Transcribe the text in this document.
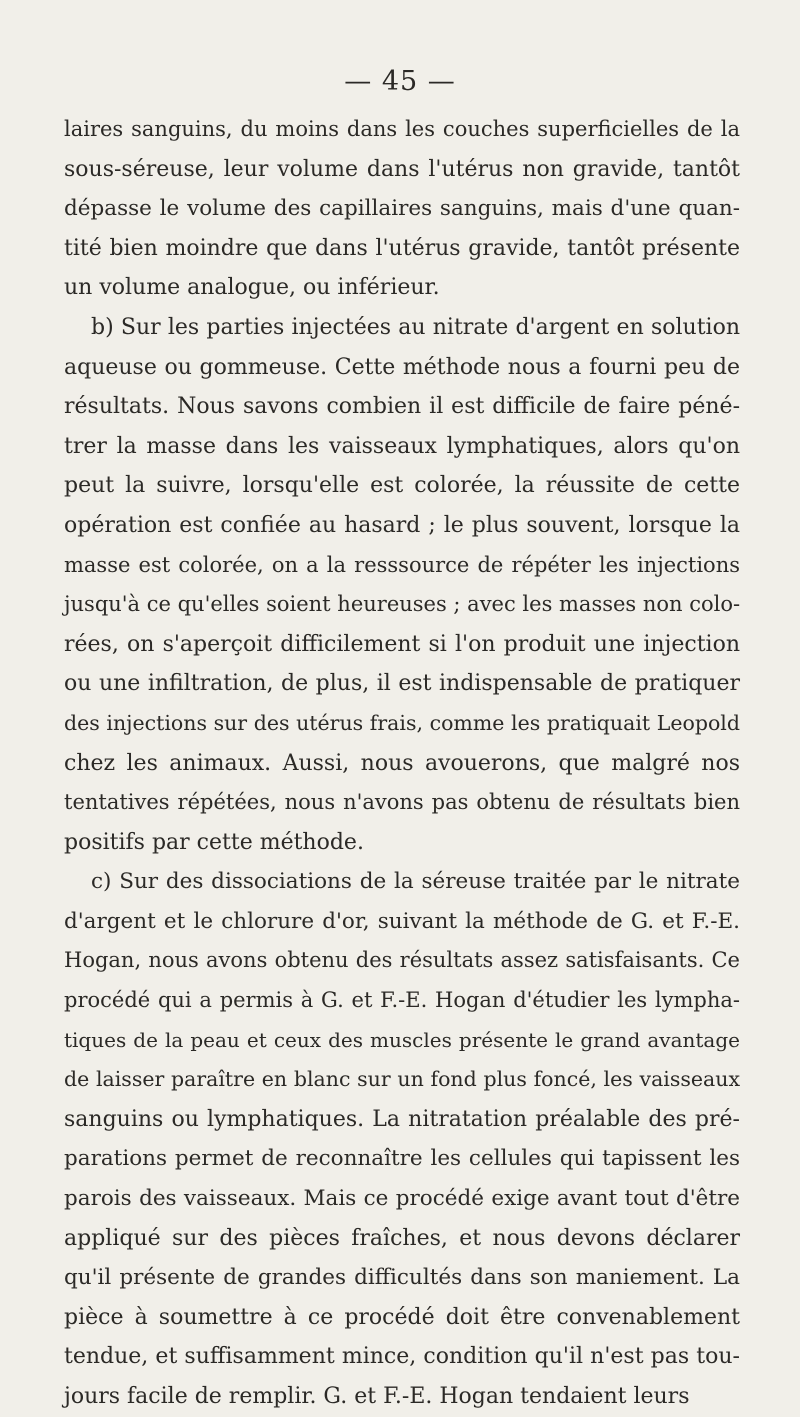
— 45 —
laires sanguins, du moins dans les couches superficielles de la
sous-séreuse, leur volume dans l'utérus non gravide, tantôt
dépasse le volume des capillaires sanguins, mais d'une quan-
tité bien moindre que dans l'utérus gravide, tantôt présente
un volume analogue, ou inférieur.
b) Sur les parties injectées au nitrate d'argent en solution
aqueuse ou gommeuse. Cette méthode nous a fourni peu de
résultats. Nous savons combien il est difficile de faire péné-
trer la masse dans les vaisseaux lymphatiques, alors qu'on
peut la suivre, lorsqu'elle est colorée, la réussite de cette
opération est confiée au hasard ; le plus souvent, lorsque la
masse est colorée, on a la resssource de répéter les injections
jusqu'à ce qu'elles soient heureuses ; avec les masses non colo-
rées, on s'aperçoit difficilement si l'on produit une injection
ou une infiltration, de plus, il est indispensable de pratiquer
des injections sur des utérus frais, comme les pratiquait Leopold
chez les animaux. Aussi, nous avouerons, que malgré nos
tentatives répétées, nous n'avons pas obtenu de résultats bien
positifs par cette méthode.
c) Sur des dissociations de la séreuse traitée par le nitrate
d'argent et le chlorure d'or, suivant la méthode de G. et F.-E.
Hogan, nous avons obtenu des résultats assez satisfaisants. Ce
procédé qui a permis à G. et F.-E. Hogan d'étudier les lympha-
tiques de la peau et ceux des muscles présente le grand avantage
de laisser paraître en blanc sur un fond plus foncé, les vaisseaux
sanguins ou lymphatiques. La nitratation préalable des pré-
parations permet de reconnaître les cellules qui tapissent les
parois des vaisseaux. Mais ce procédé exige avant tout d'être
appliqué sur des pièces fraîches, et nous devons déclarer
qu'il présente de grandes difficultés dans son maniement. La
pièce à soumettre à ce procédé doit être convenablement
tendue, et suffisamment mince, condition qu'il n'est pas tou-
jours facile de remplir. G. et F.-E. Hogan tendaient leurs
